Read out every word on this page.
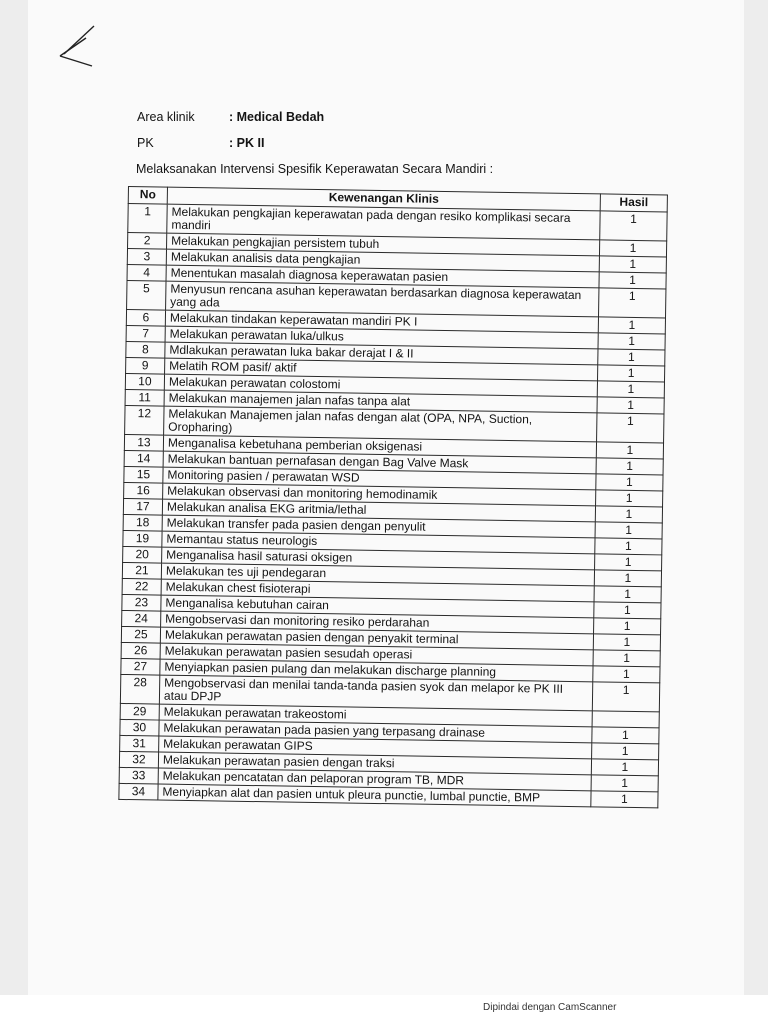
Area klinik	: Medical Bedah
PK	: PK II
Melaksanakan Intervensi Spesifik Keperawatan Secara Mandiri :
No	Kewenangan Klinis	Hasil
1	Melakukan pengkajian keperawatan pada dengan resiko komplikasi secara mandiri	1
2	Melakukan pengkajian persistem tubuh	1
3	Melakukan analisis data pengkajian	1
4	Menentukan masalah diagnosa keperawatan pasien	1
5	Menyusun rencana asuhan keperawatan berdasarkan diagnosa keperawatan yang ada	1
6	Melakukan tindakan keperawatan mandiri PK I	1
7	Melakukan perawatan luka/ulkus	1
8	Mdlakukan perawatan luka bakar derajat I & II	1
9	Melatih ROM pasif/ aktif	1
10	Melakukan perawatan colostomi	1
11	Melakukan manajemen jalan nafas tanpa alat	1
12	Melakukan Manajemen jalan nafas dengan alat (OPA, NPA, Suction, Oropharing)	1
13	Menganalisa kebetuhana pemberian oksigenasi	1
14	Melakukan bantuan pernafasan dengan Bag Valve Mask	1
15	Monitoring pasien / perawatan WSD	1
16	Melakukan observasi dan monitoring hemodinamik	1
17	Melakukan analisa EKG aritmia/lethal	1
18	Melakukan transfer pada pasien dengan penyulit	1
19	Memantau status neurologis	1
20	Menganalisa hasil saturasi oksigen	1
21	Melakukan tes uji pendegaran	1
22	Melakukan chest fisioterapi	1
23	Menganalisa kebutuhan cairan	1
24	Mengobservasi dan monitoring resiko perdarahan	1
25	Melakukan perawatan pasien dengan penyakit terminal	1
26	Melakukan perawatan pasien sesudah operasi	1
27	Menyiapkan pasien pulang dan melakukan discharge planning	1
28	Mengobservasi dan menilai tanda-tanda pasien syok dan melapor ke PK III atau DPJP	1
29	Melakukan perawatan trakeostomi	
30	Melakukan perawatan pada pasien yang terpasang drainase	1
31	Melakukan perawatan GIPS	1
32	Melakukan perawatan pasien dengan traksi	1
33	Melakukan pencatatan dan pelaporan program TB, MDR	1
34	Menyiapkan alat dan pasien untuk pleura punctie, lumbal punctie, BMP	1
Dipindai dengan CamScanner
